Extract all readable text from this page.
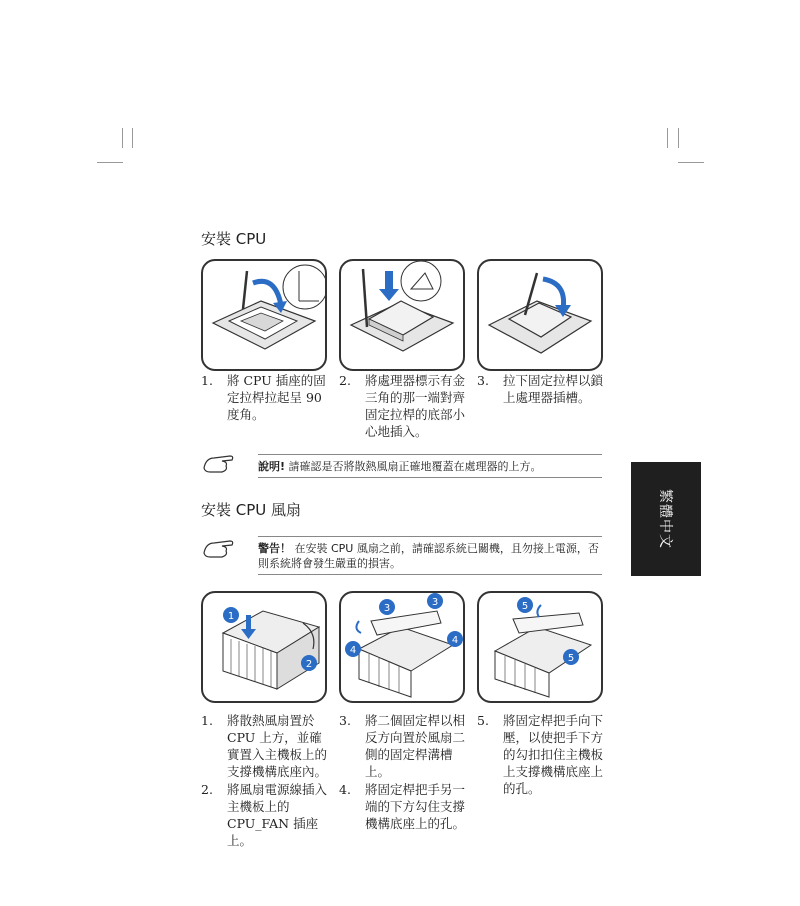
安裝 CPU
1. 將 CPU 插座的固
定拉桿拉起呈 90
度角。
2. 將處理器標示有金
三角的那一端對齊
固定拉桿的底部小
心地插入。
3. 拉下固定拉桿以鎖
上處理器插槽。
說明! 請確認是否將散熱風扇正確地覆蓋在處理器的上方。
安裝 CPU 風扇
警告！ 在安裝 CPU 風扇之前，請確認系統已關機，且勿接上電源，否
則系統將會發生嚴重的損害。
1
2
3
3
4
4
5
5
1. 將散熱風扇置於
CPU 上方，並確
實置入主機板上的
支撐機構底座內。
2. 將風扇電源線插入
主機板上的
CPU_FAN 插座
上。
3. 將二個固定桿以相
反方向置於風扇二
側的固定桿溝槽
上。
4. 將固定桿把手另一
端的下方勾住支撐
機構底座上的孔。
5. 將固定桿把手向下
壓，以使把手下方
的勾扣扣住主機板
上支撐機構底座上
的孔。
繁體中文
